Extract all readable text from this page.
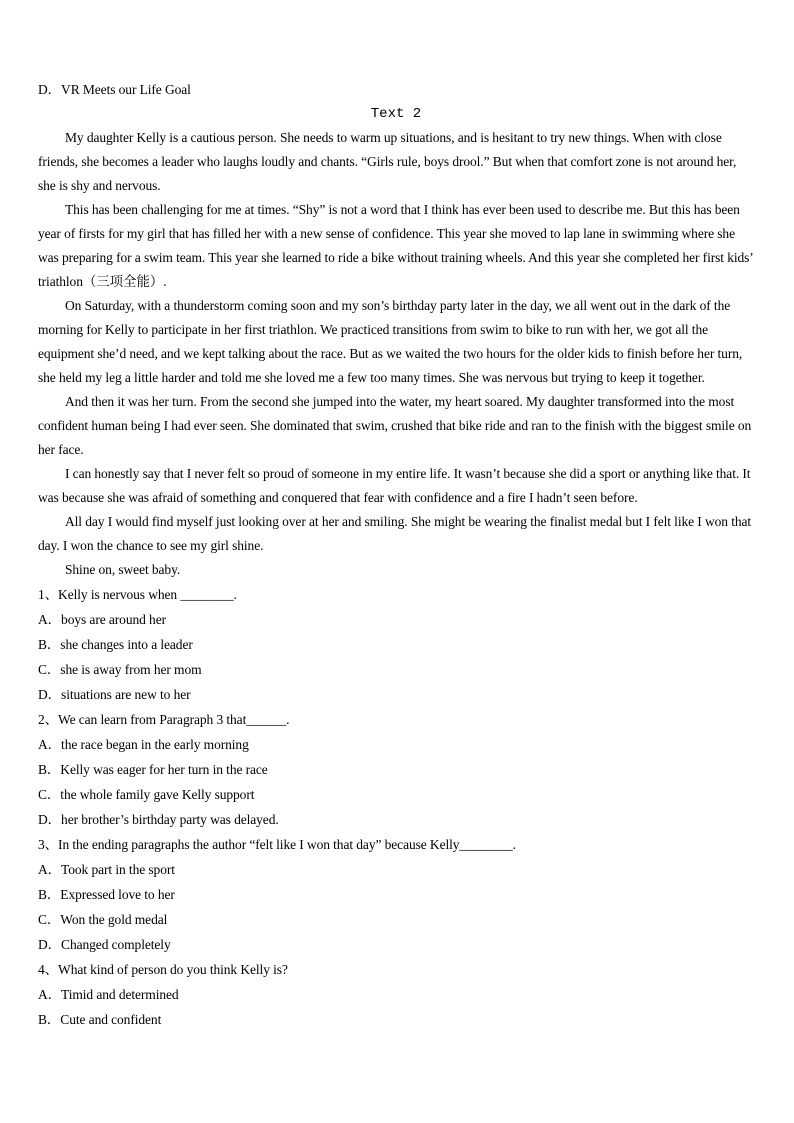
D．VR Meets our Life Goal
Text 2

My daughter Kelly is a cautious person. She needs to warm up situations, and is hesitant to try new things. When with close friends, she becomes a leader who laughs loudly and chants. “Girls rule, boys drool.” But when that comfort zone is not around her, she is shy and nervous.

This has been challenging for me at times. “Shy” is not a word that I think has ever been used to describe me. But this has been year of firsts for my girl that has filled her with a new sense of confidence. This year she moved to lap lane in swimming where she was preparing for a swim team. This year she learned to ride a bike without training wheels. And this year she completed her first kids’ triathlon（三项全能）.

On Saturday, with a thunderstorm coming soon and my son’s birthday party later in the day, we all went out in the dark of the morning for Kelly to participate in her first triathlon. We practiced transitions from swim to bike to run with her, we got all the equipment she’d need, and we kept talking about the race. But as we waited the two hours for the older kids to finish before her turn, she held my leg a little harder and told me she loved me a few too many times. She was nervous but trying to keep it together.

And then it was her turn. From the second she jumped into the water, my heart soared. My daughter transformed into the most confident human being I had ever seen. She dominated that swim, crushed that bike ride and ran to the finish with the biggest smile on her face.

I can honestly say that I never felt so proud of someone in my entire life. It wasn’t because she did a sport or anything like that. It was because she was afraid of something and conquered that fear with confidence and a fire I hadn’t seen before.

All day I would find myself just looking over at her and smiling. She might be wearing the finalist medal but I felt like I won that day. I won the chance to see my girl shine.

Shine on, sweet baby.

1、Kelly is nervous when ________.
A．boys are around her
B．she changes into a leader
C．she is away from her mom
D．situations are new to her
2、We can learn from Paragraph 3 that______.
A．the race began in the early morning
B．Kelly was eager for her turn in the race
C．the whole family gave Kelly support
D．her brother’s birthday party was delayed.
3、In the ending paragraphs the author “felt like I won that day” because Kelly________.
A．Took part in the sport
B．Expressed love to her
C．Won the gold medal
D．Changed completely
4、What kind of person do you think Kelly is?
A．Timid and determined
B．Cute and confident
